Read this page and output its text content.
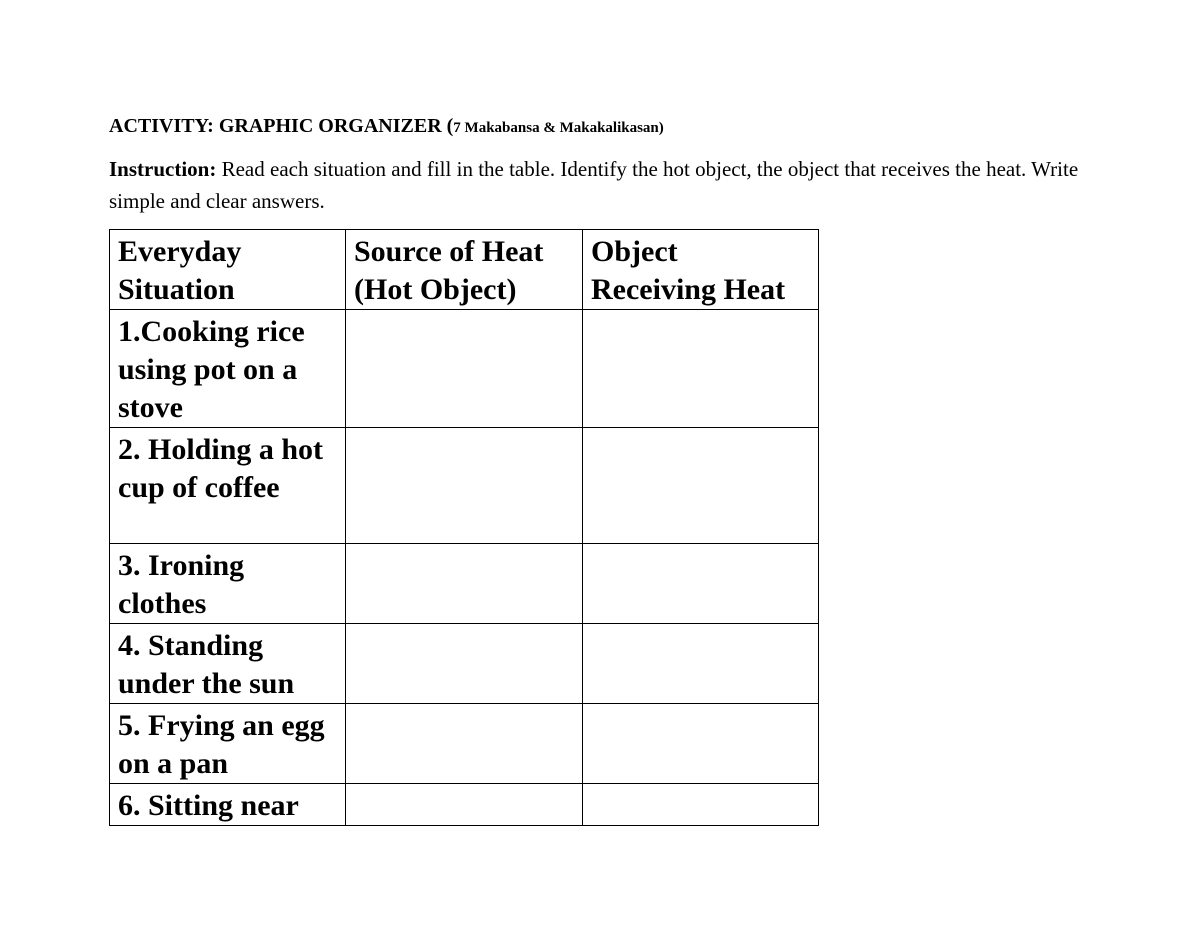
ACTIVITY: GRAPHIC ORGANIZER (7 Makabansa & Makakalikasan)
Instruction: Read each situation and fill in the table. Identify the hot object, the object that receives the heat. Write simple and clear answers.
Everyday Situation	Source of Heat (Hot Object)	Object Receiving Heat
1.Cooking rice using pot on a stove		
2. Holding a hot cup of coffee		
3. Ironing clothes		
4. Standing under the sun		
5. Frying an egg on a pan		
6. Sitting near		
